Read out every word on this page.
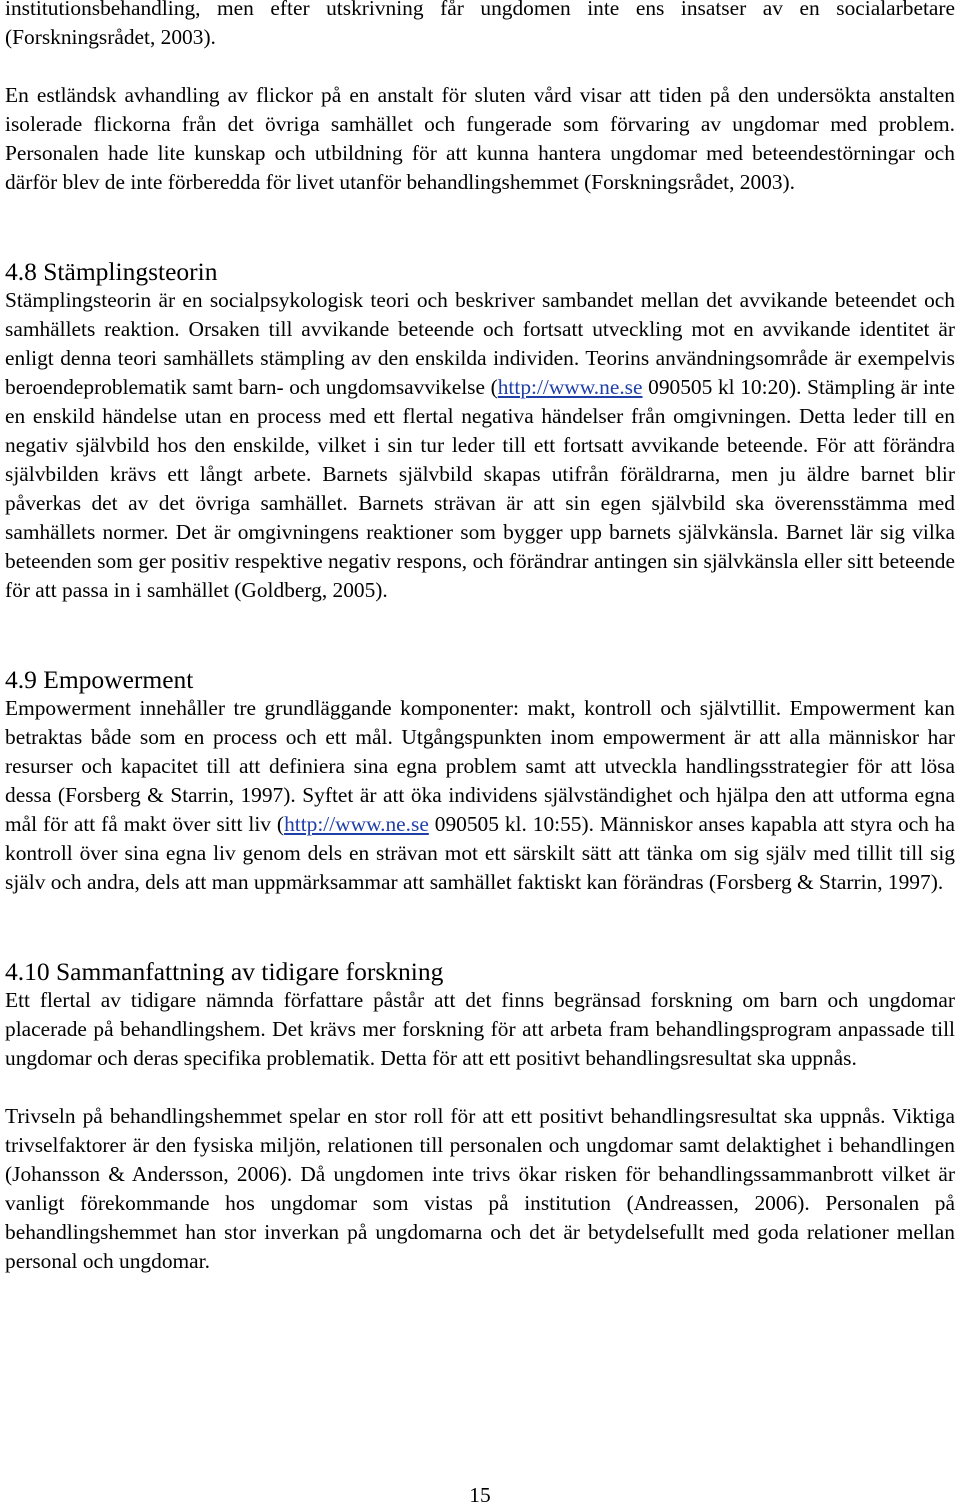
institutionsbehandling, men efter utskrivning får ungdomen inte ens insatser av en socialarbetare (Forskningsrådet, 2003).

En estländsk avhandling av flickor på en anstalt för sluten vård visar att tiden på den undersökta anstalten isolerade flickorna från det övriga samhället och fungerade som förvaring av ungdomar med problem. Personalen hade lite kunskap och utbildning för att kunna hantera ungdomar med beteendestörningar och därför blev de inte förberedda för livet utanför behandlingshemmet (Forskningsrådet, 2003).

4.8 Stämplingsteorin

Stämplingsteorin är en socialpsykologisk teori och beskriver sambandet mellan det avvikande beteendet och samhällets reaktion. Orsaken till avvikande beteende och fortsatt utveckling mot en avvikande identitet är enligt denna teori samhällets stämpling av den enskilda individen. Teorins användningsområde är exempelvis beroendeproblematik samt barn- och ungdomsavvikelse (http://www.ne.se 090505 kl 10:20). Stämpling är inte en enskild händelse utan en process med ett flertal negativa händelser från omgivningen. Detta leder till en negativ självbild hos den enskilde, vilket i sin tur leder till ett fortsatt avvikande beteende. För att förändra självbilden krävs ett långt arbete. Barnets självbild skapas utifrån föräldrarna, men ju äldre barnet blir påverkas det av det övriga samhället. Barnets strävan är att sin egen självbild ska överensstämma med samhällets normer. Det är omgivningens reaktioner som bygger upp barnets självkänsla. Barnet lär sig vilka beteenden som ger positiv respektive negativ respons, och förändrar antingen sin självkänsla eller sitt beteende för att passa in i samhället (Goldberg, 2005).

4.9 Empowerment

Empowerment innehåller tre grundläggande komponenter: makt, kontroll och självtillit. Empowerment kan betraktas både som en process och ett mål. Utgångspunkten inom empowerment är att alla människor har resurser och kapacitet till att definiera sina egna problem samt att utveckla handlingsstrategier för att lösa dessa (Forsberg & Starrin, 1997). Syftet är att öka individens självständighet och hjälpa den att utforma egna mål för att få makt över sitt liv (http://www.ne.se 090505 kl. 10:55). Människor anses kapabla att styra och ha kontroll över sina egna liv genom dels en strävan mot ett särskilt sätt att tänka om sig själv med tillit till sig själv och andra, dels att man uppmärksammar att samhället faktiskt kan förändras (Forsberg & Starrin, 1997).

4.10 Sammanfattning av tidigare forskning

Ett flertal av tidigare nämnda författare påstår att det finns begränsad forskning om barn och ungdomar placerade på behandlingshem. Det krävs mer forskning för att arbeta fram behandlingsprogram anpassade till ungdomar och deras specifika problematik. Detta för att ett positivt behandlingsresultat ska uppnås.

Trivseln på behandlingshemmet spelar en stor roll för att ett positivt behandlingsresultat ska uppnås. Viktiga trivselfaktorer är den fysiska miljön, relationen till personalen och ungdomar samt delaktighet i behandlingen (Johansson & Andersson, 2006). Då ungdomen inte trivs ökar risken för behandlingssammanbrott vilket är vanligt förekommande hos ungdomar som vistas på institution (Andreassen, 2006). Personalen på behandlingshemmet han stor inverkan på ungdomarna och det är betydelsefullt med goda relationer mellan personal och ungdomar.

15
